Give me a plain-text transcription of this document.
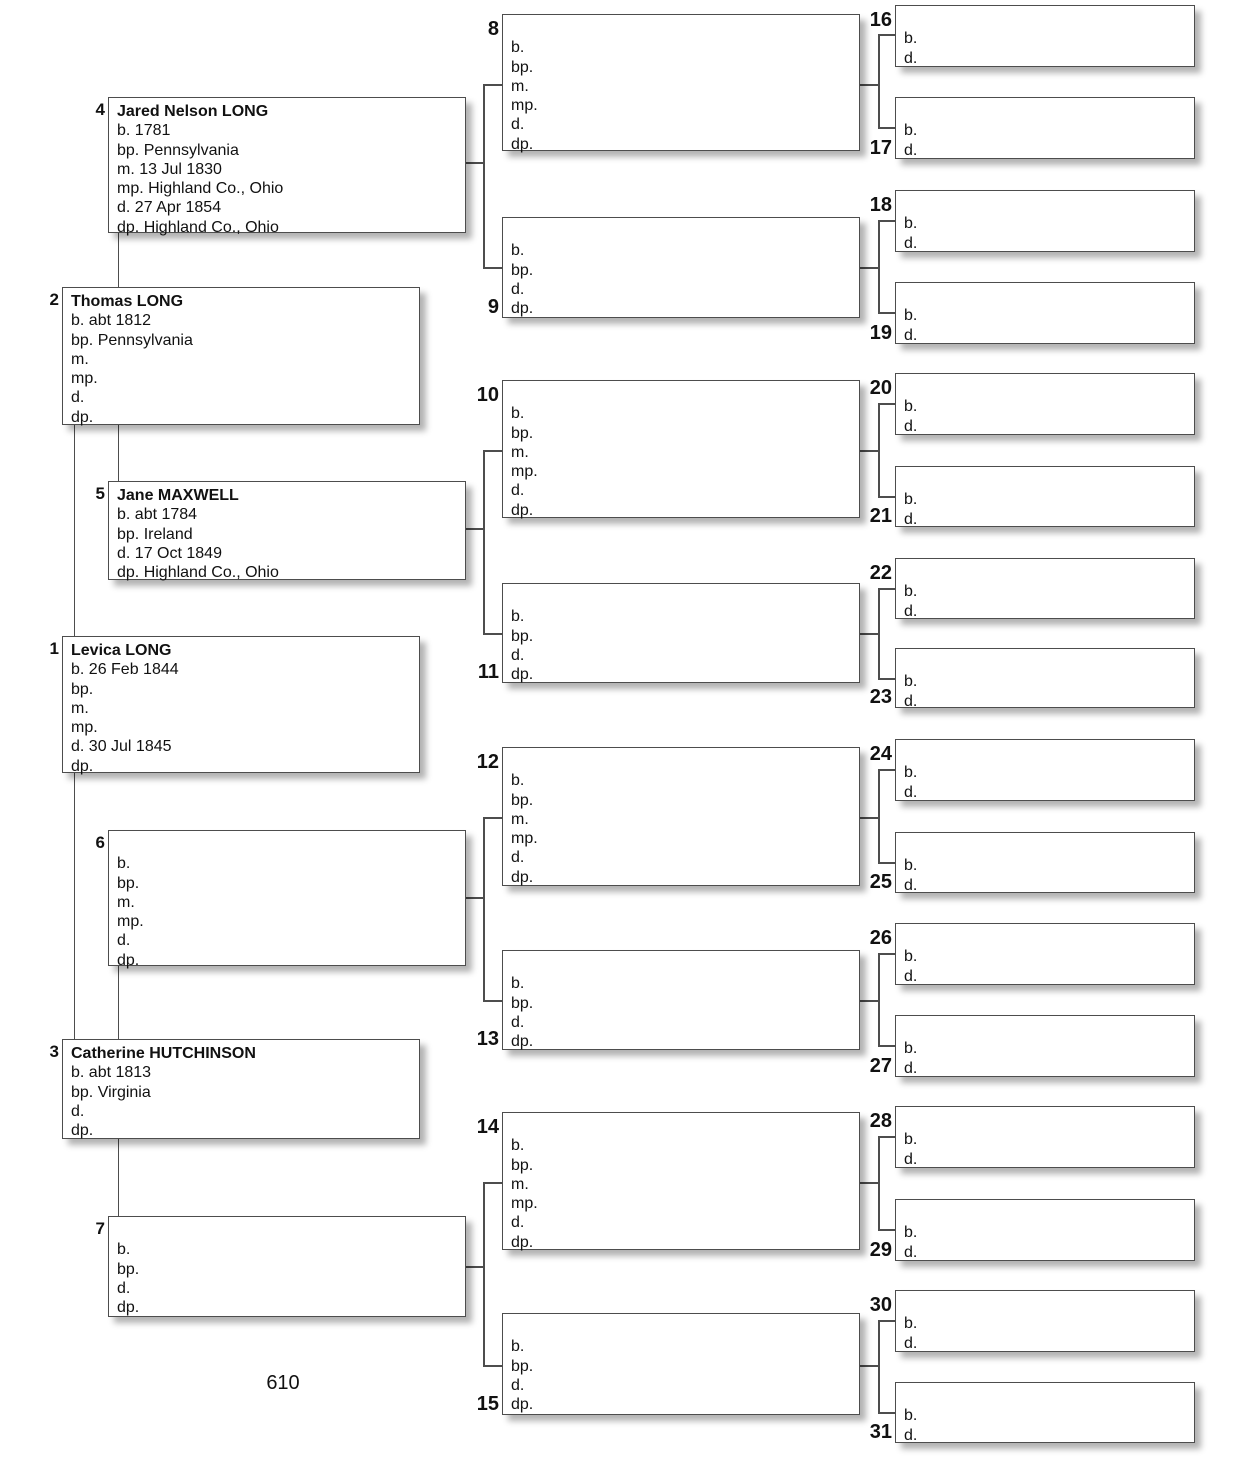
610
Levica LONG
b. 26 Feb 1844
bp.
m.
mp.
d. 30 Jul 1845
dp.
1
Thomas LONG
b. abt 1812
bp. Pennsylvania
m.
mp.
d.
dp.
2
Catherine HUTCHINSON
b. abt 1813
bp. Virginia
d.
dp.
3
Jared Nelson LONG
b. 1781
bp. Pennsylvania
m. 13 Jul 1830
mp. Highland Co., Ohio
d. 27 Apr 1854
dp. Highland Co., Ohio
4
Jane MAXWELL
b. abt 1784
bp. Ireland
d. 17 Oct 1849
dp. Highland Co., Ohio
5
b.
bp.
m.
mp.
d.
dp.
6
b.
bp.
d.
dp.
7
b.
bp.
m.
mp.
d.
dp.
8
b.
bp.
d.
dp.
9
b.
bp.
m.
mp.
d.
dp.
10
b.
bp.
d.
dp.
11
b.
bp.
m.
mp.
d.
dp.
12
b.
bp.
d.
dp.
13
b.
bp.
m.
mp.
d.
dp.
14
b.
bp.
d.
dp.
15
b.
d.
16
b.
d.
17
b.
d.
18
b.
d.
19
b.
d.
20
b.
d.
21
b.
d.
22
b.
d.
23
b.
d.
24
b.
d.
25
b.
d.
26
b.
d.
27
b.
d.
28
b.
d.
29
b.
d.
30
b.
d.
31
